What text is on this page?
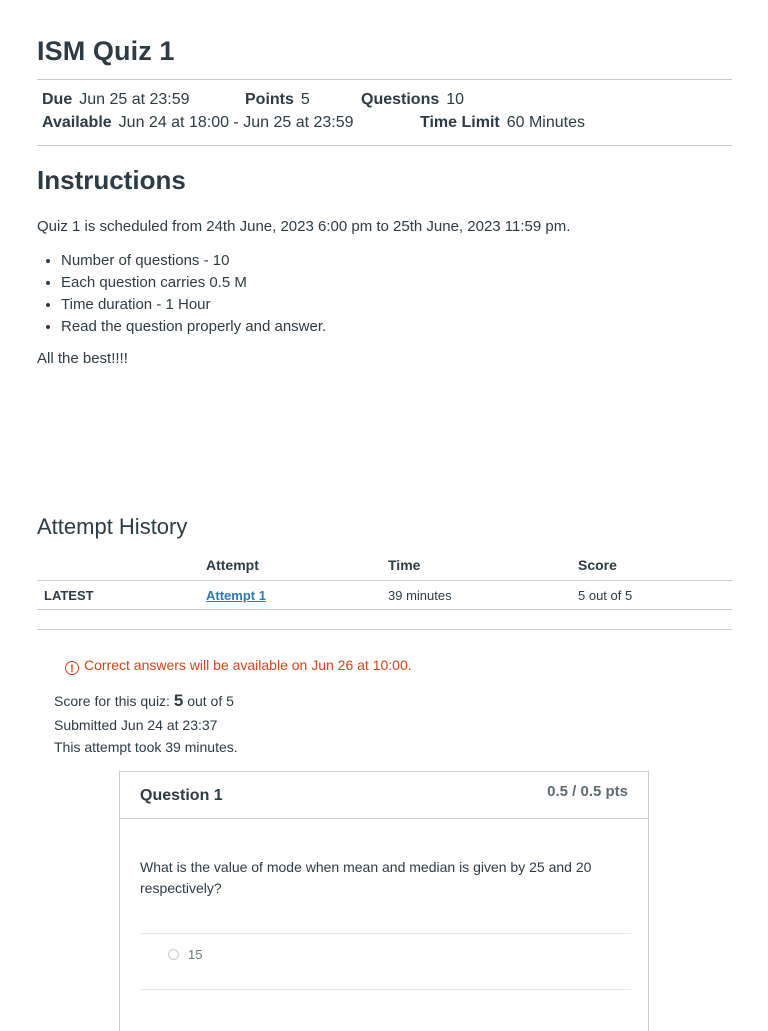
ISM Quiz 1
Due Jun 25 at 23:59	Points 5	Questions 10
Available Jun 24 at 18:00 - Jun 25 at 23:59	Time Limit 60 Minutes
Instructions
Quiz 1 is scheduled from 24th June, 2023 6:00 pm to 25th June, 2023 11:59 pm.
• Number of questions - 10
• Each question carries 0.5 M
• Time duration - 1 Hour
• Read the question properly and answer.
All the best!!!!
Attempt History
	Attempt	Time	Score
LATEST	Attempt 1	39 minutes	5 out of 5
! Correct answers will be available on Jun 26 at 10:00.
Score for this quiz: 5 out of 5
Submitted Jun 24 at 23:37
This attempt took 39 minutes.
Question 1	0.5 / 0.5 pts
What is the value of mode when mean and median is given by 25 and 20 respectively?
15
